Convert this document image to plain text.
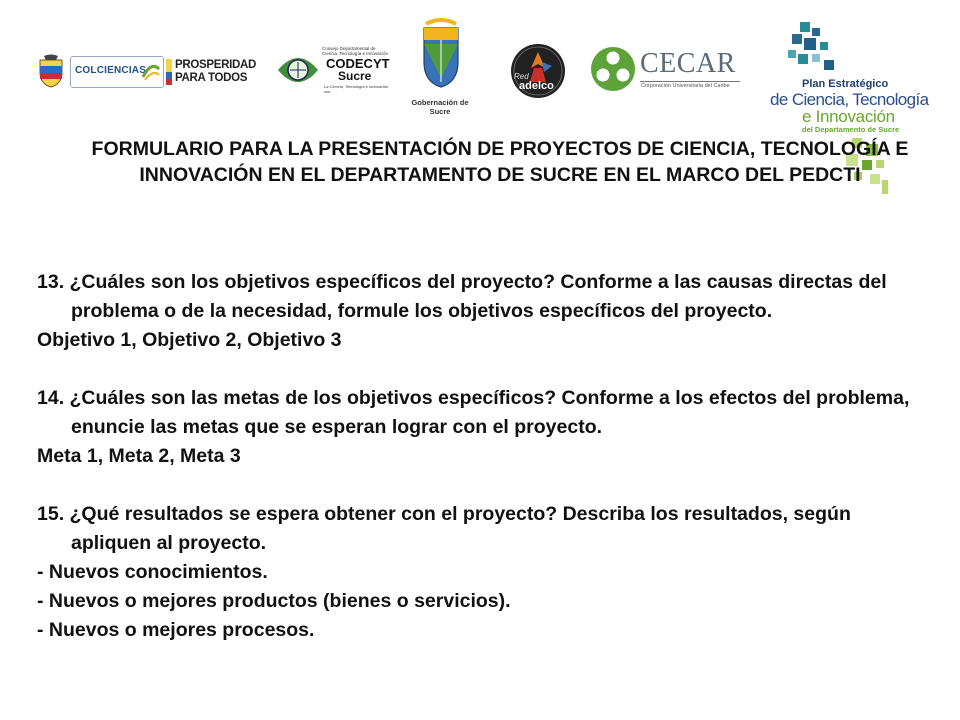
COLCIENCIAS	PROSPERIDAD
PARA TODOS
Consejo Departamental de Ciencia, Tecnología e Innovación
CODECYT
Sucre
La Ciencia, Tecnología e Innovación son
Gobernación de Sucre
Red
adelco
CECAR
Corporación Universitaria del Caribe	Plan Estratégico
de Ciencia, Tecnología
e Innovación
del Departamento de Sucre
FORMULARIO PARA LA PRESENTACIÓN DE PROYECTOS DE CIENCIA, TECNOLOGÍA E INNOVACIÓN EN EL DEPARTAMENTO DE SUCRE EN EL MARCO DEL PEDCTI
13. ¿Cuáles son los objetivos específicos del proyecto? Conforme a las causas directas del problema o de la necesidad, formule los objetivos específicos del proyecto.
Objetivo 1, Objetivo 2, Objetivo 3
14. ¿Cuáles son las metas de los objetivos específicos? Conforme a los efectos del problema, enuncie las metas que se esperan lograr con el proyecto.
Meta 1, Meta 2, Meta 3
15. ¿Qué resultados se espera obtener con el proyecto? Describa los resultados, según apliquen al proyecto.
- Nuevos conocimientos.
- Nuevos o mejores productos (bienes o servicios).
- Nuevos o mejores procesos.
